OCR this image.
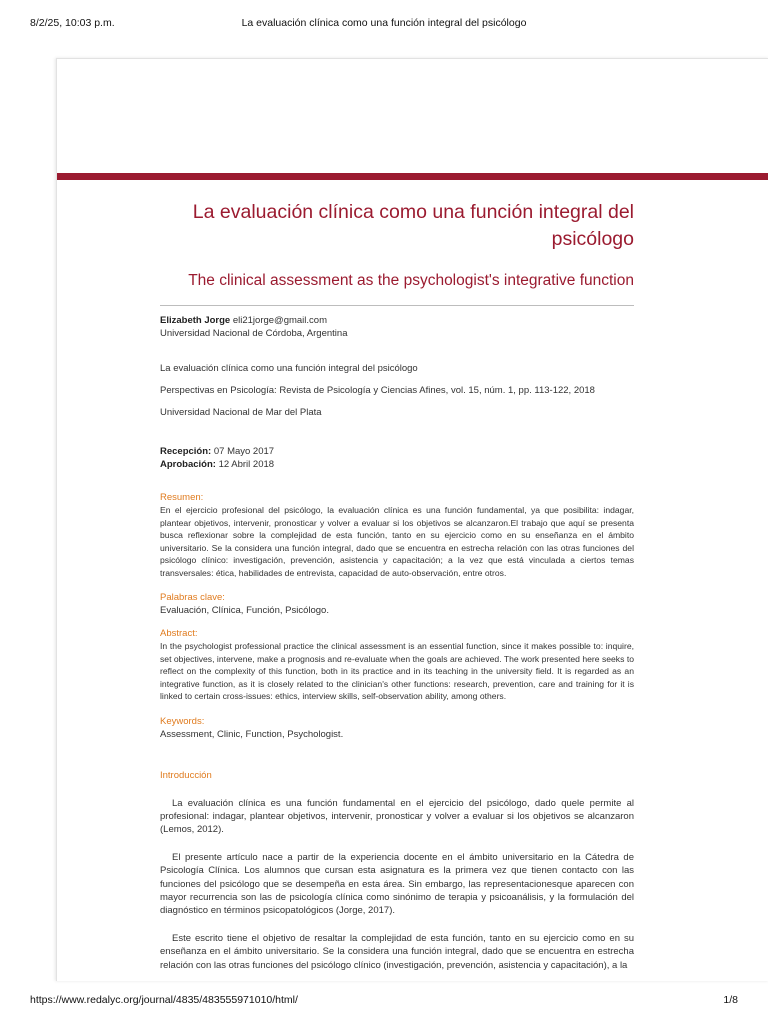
8/2/25, 10:03 p.m.	La evaluación clínica como una función integral del psicólogo
La evaluación clínica como una función integral del psicólogo
The clinical assessment as the psychologist's integrative function
Elizabeth Jorge eli21jorge@gmail.com
Universidad Nacional de Córdoba, Argentina

La evaluación clínica como una función integral del psicólogo

Perspectivas en Psicología: Revista de Psicología y Ciencias Afines, vol. 15, núm. 1, pp. 113-122, 2018

Universidad Nacional de Mar del Plata

Recepción: 07 Mayo 2017
Aprobación: 12 Abril 2018

Resumen:

En el ejercicio profesional del psicólogo, la evaluación clínica es una función fundamental, ya que posibilita: indagar, plantear objetivos, intervenir, pronosticar y volver a evaluar si los objetivos se alcanzaron.El trabajo que aquí se presenta busca reflexionar sobre la complejidad de esta función, tanto en su ejercicio como en su enseñanza en el ámbito universitario. Se la considera una función integral, dado que se encuentra en estrecha relación con las otras funciones del psicólogo clínico: investigación, prevención, asistencia y capacitación; a la vez que está vinculada a ciertos temas transversales: ética, habilidades de entrevista, capacidad de auto-observación, entre otros.

Palabras clave:

Evaluación, Clínica, Función, Psicólogo.

Abstract:

In the psychologist professional practice the clinical assessment is an essential function, since it makes possible to: inquire, set objectives, intervene, make a prognosis and re-evaluate when the goals are achieved. The work presented here seeks to reflect on the complexity of this function, both in its practice and in its teaching in the university field. It is regarded as an integrative function, as it is closely related to the clinician's other functions: research, prevention, care and training for it is linked to certain cross-issues: ethics, interview skills, self-observation ability, among others.

Keywords:

Assessment, Clinic, Function, Psychologist.

Introducción

La evaluación clínica es una función fundamental en el ejercicio del psicólogo, dado quele permite al profesional: indagar, plantear objetivos, intervenir, pronosticar y volver a evaluar si los objetivos se alcanzaron (Lemos, 2012).

El presente artículo nace a partir de la experiencia docente en el ámbito universitario en la Cátedra de Psicología Clínica. Los alumnos que cursan esta asignatura es la primera vez que tienen contacto con las funciones del psicólogo que se desempeña en esta área. Sin embargo, las representacionesque aparecen con mayor recurrencia son las de psicología clínica como sinónimo de terapia y psicoanálisis, y la formulación del diagnóstico en términos psicopatológicos (Jorge, 2017).

Este escrito tiene el objetivo de resaltar la complejidad de esta función, tanto en su ejercicio como en su enseñanza en el ámbito universitario. Se la considera una función integral, dado que se encuentra en estrecha relación con las otras funciones del psicólogo clínico (investigación, prevención, asistencia y capacitación), a la

https://www.redalyc.org/journal/4835/483555971010/html/	1/8
